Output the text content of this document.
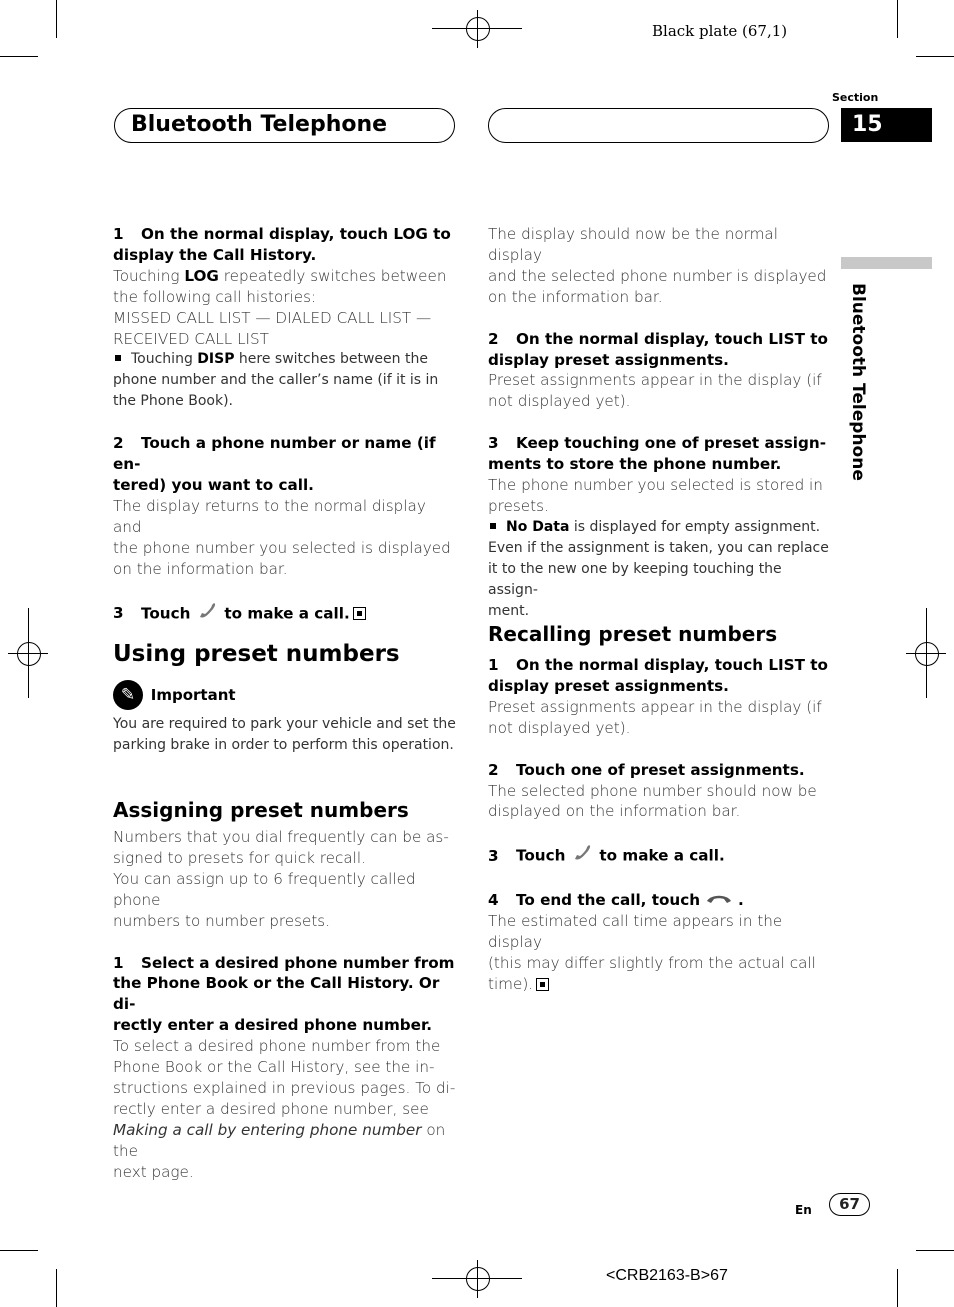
Black plate (67,1)
Bluetooth Telephone
Section
15
Bluetooth Telephone

1 On the normal display, touch LOG to

display the Call History.

Touching LOG repeatedly switches between

the following call histories:

MISSED CALL LIST — DIALED CALL LIST —

RECEIVED CALL LIST

Touching DISP here switches between the

phone number and the caller’s name (if it is in

the Phone Book).

2 Touch a phone number or name (if en-

tered) you want to call.

The display returns to the normal display and

the phone number you selected is displayed

on the information bar.

3 Touch to make a call.

Using preset numbers

✎ Important

You are required to park your vehicle and set the

parking brake in order to perform this operation.

Assigning preset numbers

Numbers that you dial frequently can be as-

signed to presets for quick recall.

You can assign up to 6 frequently called phone

numbers to number presets.

1 Select a desired phone number from

the Phone Book or the Call History. Or di-

rectly enter a desired phone number.

To select a desired phone number from the

Phone Book or the Call History, see the in-

structions explained in previous pages. To di-

rectly enter a desired phone number, see

Making a call by entering phone number on the

next page.

The display should now be the normal display

and the selected phone number is displayed

on the information bar.

2 On the normal display, touch LIST to

display preset assignments.

Preset assignments appear in the display (if

not displayed yet).

3 Keep touching one of preset assign-

ments to store the phone number.

The phone number you selected is stored in

presets.

No Data is displayed for empty assignment.

Even if the assignment is taken, you can replace

it to the new one by keeping touching the assign-

ment.

Recalling preset numbers

1 On the normal display, touch LIST to

display preset assignments.

Preset assignments appear in the display (if

not displayed yet).

2 Touch one of preset assignments.

The selected phone number should now be

displayed on the information bar.

3 Touch to make a call.

4 To end the call, touch	.

The estimated call time appears in the display

(this may differ slightly from the actual call

time).

En	67
<CRB2163-B>67
